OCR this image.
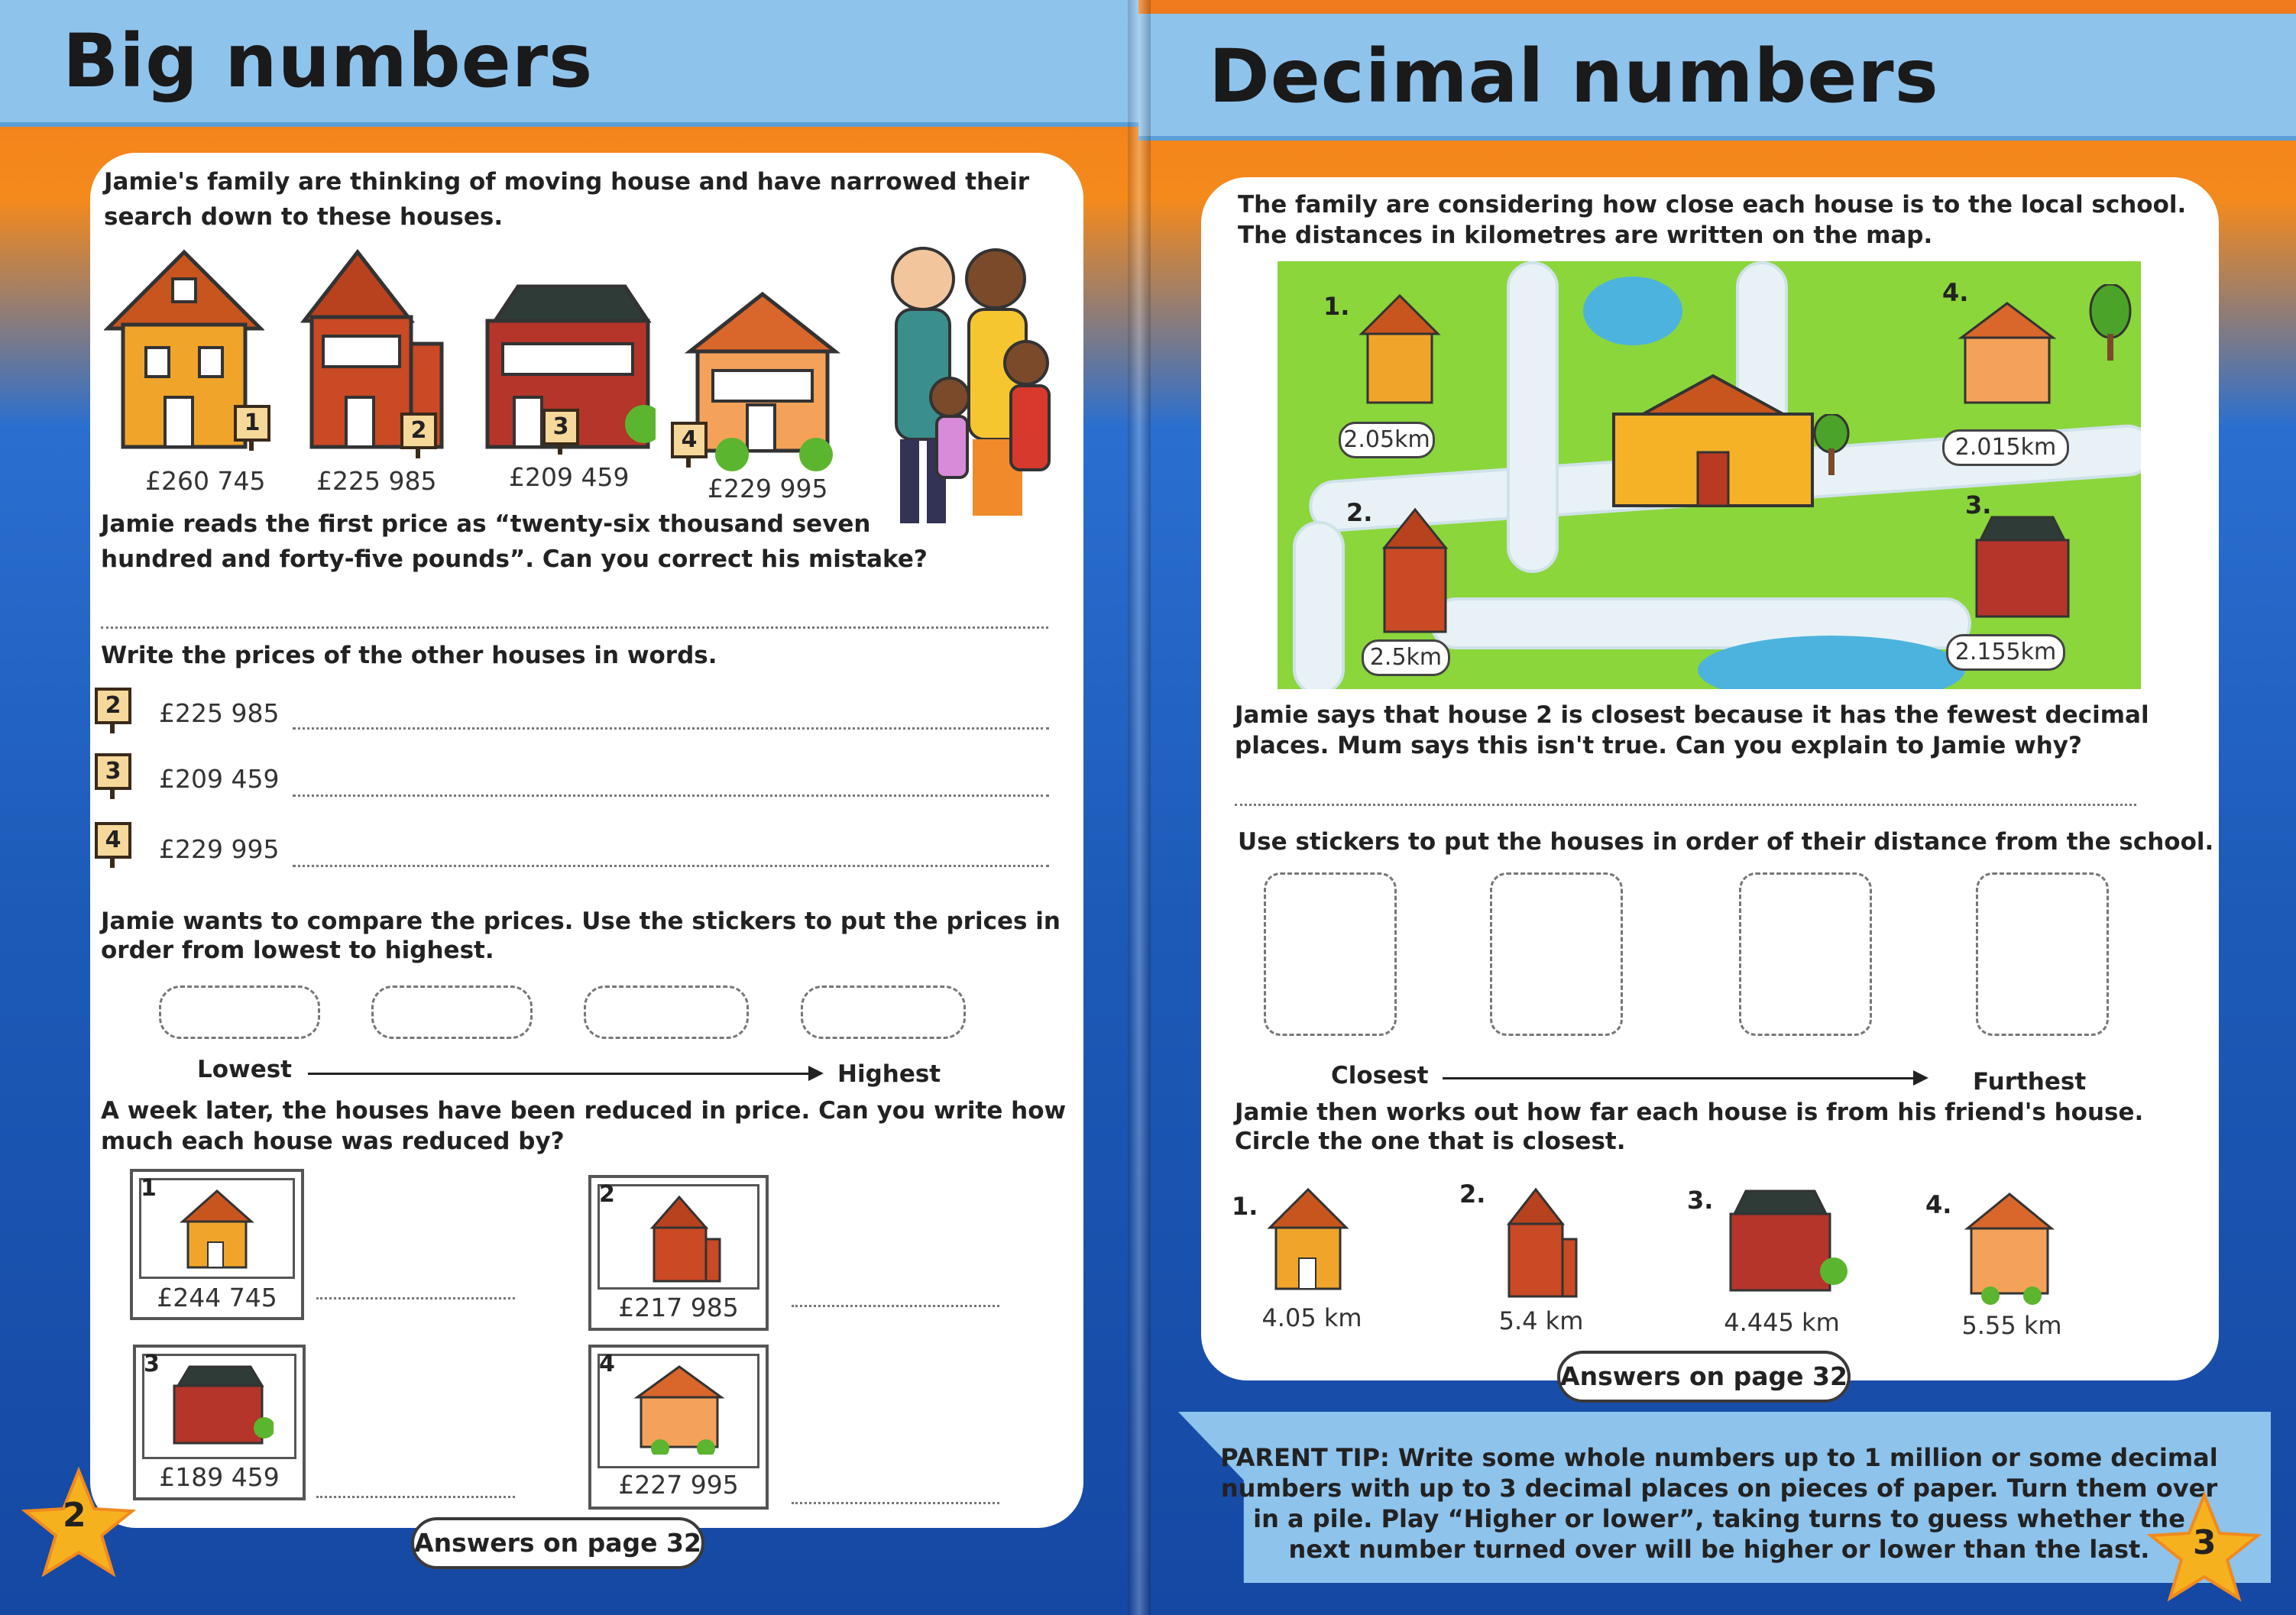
Big numbers
Jamie's family are thinking of moving house and have narrowed their
search down to these houses.
1
£260 745
2
£225 985
3
£209 459
4
£229 995
Jamie reads the first price as “twenty-six thousand seven
hundred and forty-five pounds”. Can you correct his mistake?
Write the prices of the other houses in words.
2	£225 985
3	£209 459
4	£229 995
Jamie wants to compare the prices. Use the stickers to put the prices in
order from lowest to highest.
Lowest	Highest
A week later, the houses have been reduced in price. Can you write how
much each house was reduced by?
1
£244 745
2
£217 985
3
£189 459
4
£227 995
Answers on page 32
2
Decimal numbers
The family are considering how close each house is to the local school.
The distances in kilometres are written on the map.
1.
2.05km
2.
2.5km
3.
2.155km
4.
2.015km
Jamie says that house 2 is closest because it has the fewest decimal
places. Mum says this isn't true. Can you explain to Jamie why?
Use stickers to put the houses in order of their distance from the school.
Closest	Furthest
Jamie then works out how far each house is from his friend's house.
Circle the one that is closest.
1.
4.05 km
2.
5.4 km
3.
4.445 km
4.
5.55 km
Answers on page 32
PARENT TIP: Write some whole numbers up to 1 million or some decimal
numbers with up to 3 decimal places on pieces of paper. Turn them over
in a pile. Play “Higher or lower”, taking turns to guess whether the
next number turned over will be higher or lower than the last.	3
